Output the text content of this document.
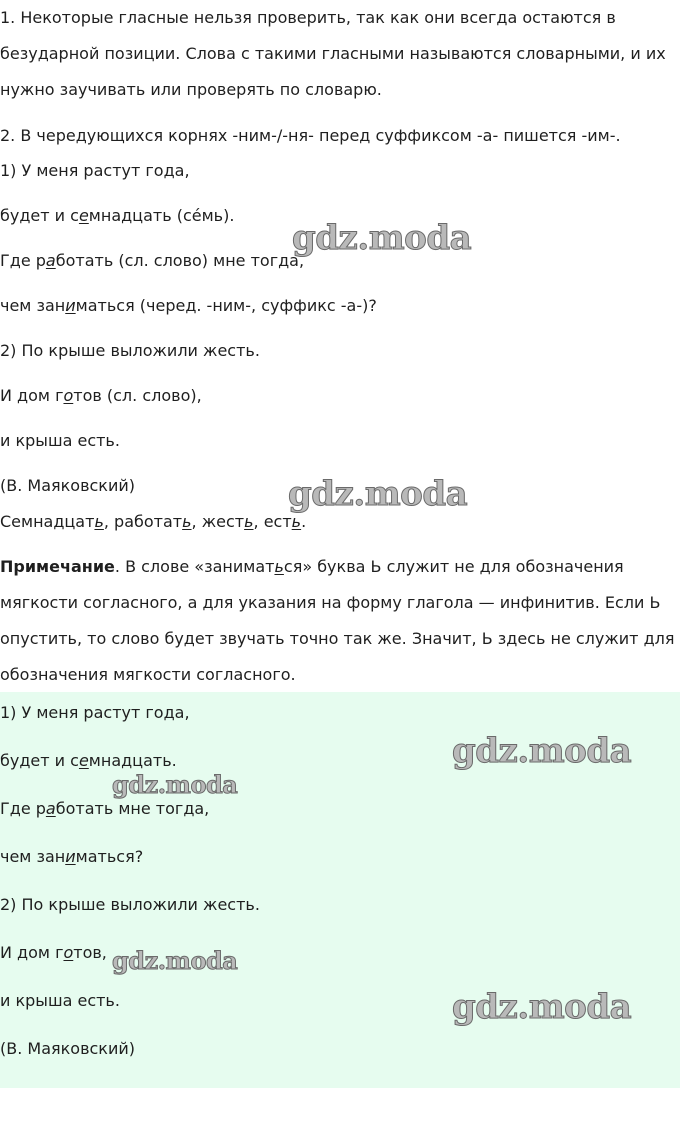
1. Некоторые гласные нельзя проверить, так как они всегда остаются в
безударной позиции. Слова с такими гласными называются словарными, и их
нужно заучивать или проверять по словарю.
2. В чередующихся корнях -ним-/-ня- перед суффиксом -а- пишется -им-.
1) У меня растут года,
будет и семнадцать (сéмь).
Где работать (сл. слово) мне тогда,
чем заниматься (черед. -ним-, суффикс -а-)?
2) По крыше выложили жесть.
И дом готов (сл. слово),
и крыша есть.
(В. Маяковский)
Семнадцать, работать, жесть, есть.
Примечание. В слове «заниматься» буква Ь служит не для обозначения
мягкости согласного, а для указания на форму глагола — инфинитив. Если Ь
опустить, то слово будет звучать точно так же. Значит, Ь здесь не служит для
обозначения мягкости согласного.
1) У меня растут года,
будет и семнадцать.
Где работать мне тогда,
чем заниматься?
2) По крыше выложили жесть.
И дом готов,
и крыша есть.
(В. Маяковский)
gdz.moda
gdz.moda
gdz.moda
gdz.moda
gdz.moda
gdz.moda
